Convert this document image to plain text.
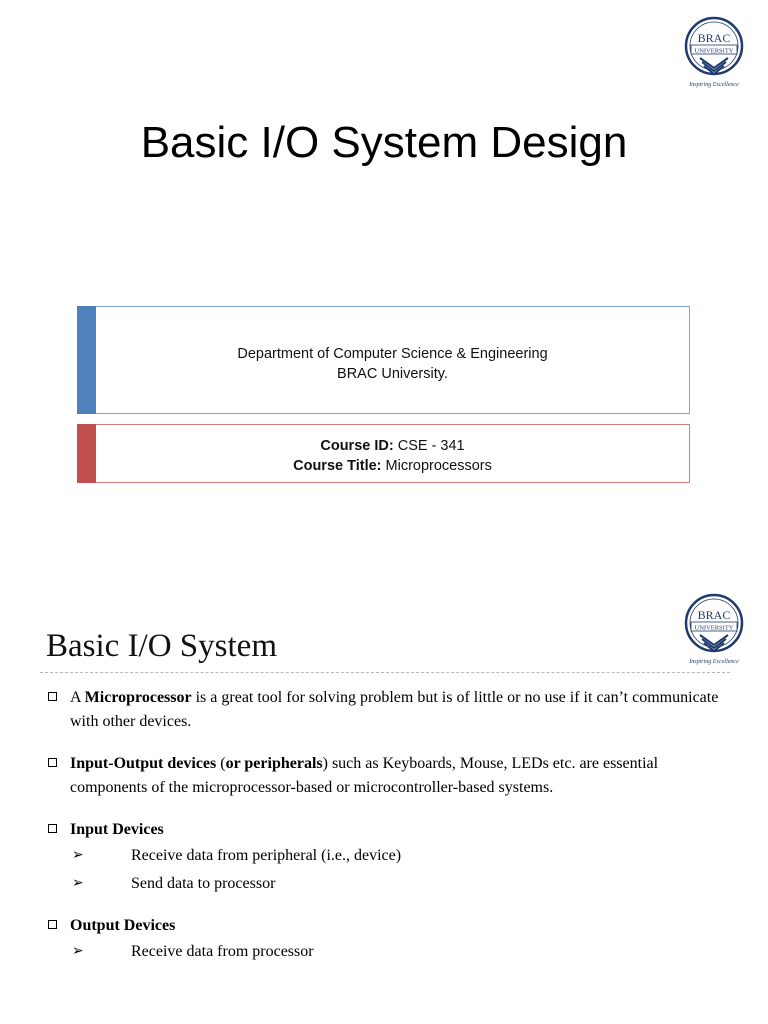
BRAC
UNIVERSITY
Inspiring Excellence
Basic I/O System Design
Department of Computer Science & Engineering
BRAC University.
Course ID: CSE - 341
Course Title: Microprocessors
BRAC
UNIVERSITY
Inspiring Excellence
Basic I/O System

A Microprocessor is a great tool for solving problem but is of little or no use if it can’t communicate with other devices.

Input-Output devices (or peripherals) such as Keyboards, Mouse, LEDs etc. are essential components of the microprocessor-based or microcontroller-based systems.

Input Devices

➢	Receive data from peripheral (i.e., device)

➢	Send data to processor

Output Devices

➢	Receive data from processor
